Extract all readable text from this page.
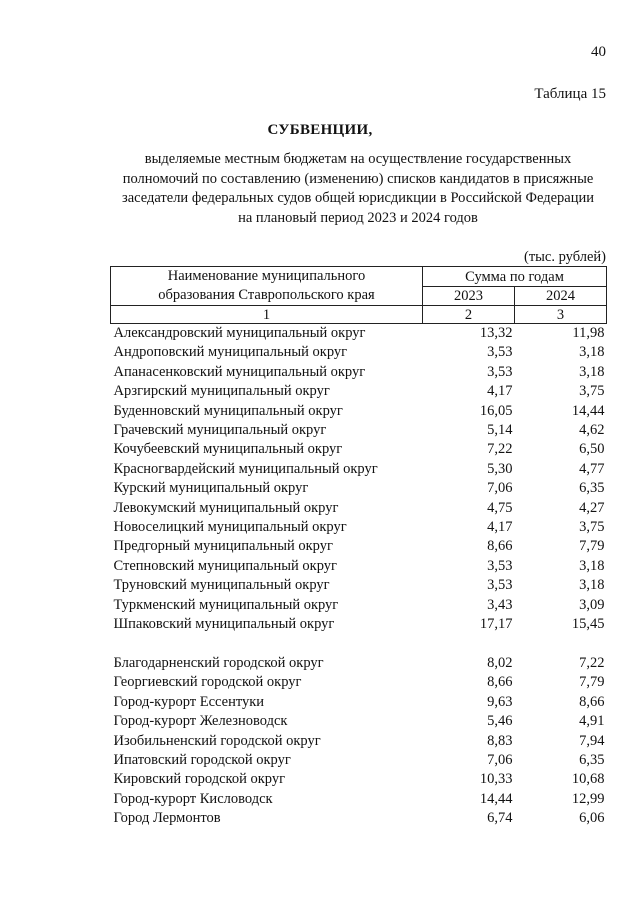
40
Таблица 15
СУБВЕНЦИИ,
выделяемые местным бюджетам на осуществление государственных
полномочий по составлению (изменению) списков кандидатов в присяжные
заседатели федеральных судов общей юрисдикции в Российской Федерации
на плановый период 2023 и 2024 годов
(тыс. рублей)
Наименование муниципального
образования Ставропольского края	Сумма по годам	
	2023	2024
1	2	3
Александровский муниципальный округ	13,32	11,98
Андроповский муниципальный округ	3,53	3,18
Апанасенковский муниципальный округ	3,53	3,18
Арзгирский муниципальный округ	4,17	3,75
Буденновский муниципальный округ	16,05	14,44
Грачевский муниципальный округ	5,14	4,62
Кочубеевский муниципальный округ	7,22	6,50
Красногвардейский муниципальный округ	5,30	4,77
Курский муниципальный округ	7,06	6,35
Левокумский муниципальный округ	4,75	4,27
Новоселицкий муниципальный округ	4,17	3,75
Предгорный муниципальный округ	8,66	7,79
Степновский муниципальный округ	3,53	3,18
Труновский муниципальный округ	3,53	3,18
Туркменский муниципальный округ	3,43	3,09
Шпаковский муниципальный округ	17,17	15,45

Благодарненский городской округ	8,02	7,22
Георгиевский городской округ	8,66	7,79
Город-курорт Ессентуки	9,63	8,66
Город-курорт Железноводск	5,46	4,91
Изобильненский городской округ	8,83	7,94
Ипатовский городской округ	7,06	6,35
Кировский городской округ	10,33	10,68
Город-курорт Кисловодск	14,44	12,99
Город Лермонтов	6,74	6,06
